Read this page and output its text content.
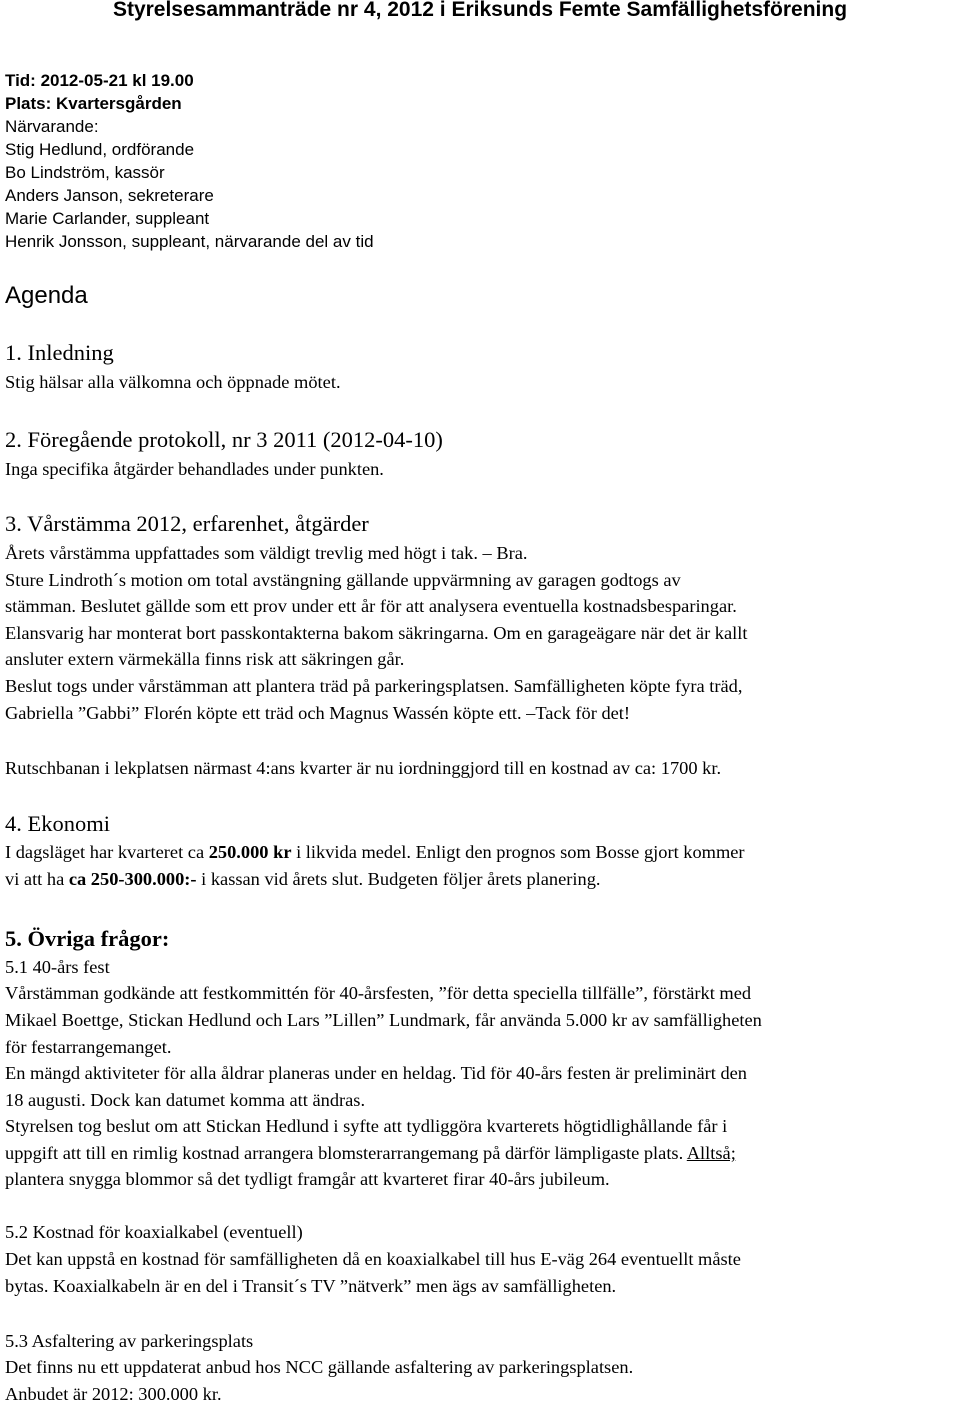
Styrelsesammanträde nr 4, 2012 i Eriksunds Femte Samfällighetsförening
Tid: 2012-05-21 kl 19.00
Plats: Kvartersgården
Närvarande:
Stig Hedlund, ordförande
Bo Lindström, kassör
Anders Janson, sekreterare
Marie Carlander, suppleant
Henrik Jonsson, suppleant, närvarande del av tid
Agenda
1. Inledning
Stig hälsar alla välkomna och öppnade mötet.
2. Föregående protokoll, nr 3 2011 (2012-04-10)
Inga specifika åtgärder behandlades under punkten.
3. Vårstämma 2012, erfarenhet, åtgärder
Årets vårstämma uppfattades som väldigt trevlig med högt i tak. – Bra.
Sture Lindroth´s motion om total avstängning gällande uppvärmning av garagen godtogs av
stämman. Beslutet gällde som ett prov under ett år för att analysera eventuella kostnadsbesparingar.
Elansvarig har monterat bort passkontakterna bakom säkringarna. Om en garageägare när det är kallt
ansluter extern värmekälla finns risk att säkringen går.
Beslut togs under vårstämman att plantera träd på parkeringsplatsen. Samfälligheten köpte fyra träd,
Gabriella ”Gabbi” Florén köpte ett träd och Magnus Wassén köpte ett. –Tack för det!
Rutschbanan i lekplatsen närmast 4:ans kvarter är nu iordninggjord till en kostnad av ca: 1700 kr.
4. Ekonomi
I dagsläget har kvarteret ca 250.000 kr i likvida medel. Enligt den prognos som Bosse gjort kommer
vi att ha ca 250-300.000:- i kassan vid årets slut. Budgeten följer årets planering.
5. Övriga frågor:
5.1 40-års fest
Vårstämman godkände att festkommittén för 40-årsfesten, ”för detta speciella tillfälle”, förstärkt med
Mikael Boettge, Stickan Hedlund och Lars ”Lillen” Lundmark, får använda 5.000 kr av samfälligheten
för festarrangemanget.
En mängd aktiviteter för alla åldrar planeras under en heldag. Tid för 40-års festen är preliminärt den
18 augusti. Dock kan datumet komma att ändras.
Styrelsen tog beslut om att Stickan Hedlund i syfte att tydliggöra kvarterets högtidlighållande får i
uppgift att till en rimlig kostnad arrangera blomsterarrangemang på därför lämpligaste plats. Alltså;
plantera snygga blommor så det tydligt framgår att kvarteret firar 40-års jubileum.
5.2 Kostnad för koaxialkabel (eventuell)
Det kan uppstå en kostnad för samfälligheten då en koaxialkabel till hus E-väg 264 eventuellt måste
bytas. Koaxialkabeln är en del i Transit´s TV ”nätverk” men ägs av samfälligheten.
5.3 Asfaltering av parkeringsplats
Det finns nu ett uppdaterat anbud hos NCC gällande asfaltering av parkeringsplatsen.
Anbudet är 2012: 300.000 kr.
